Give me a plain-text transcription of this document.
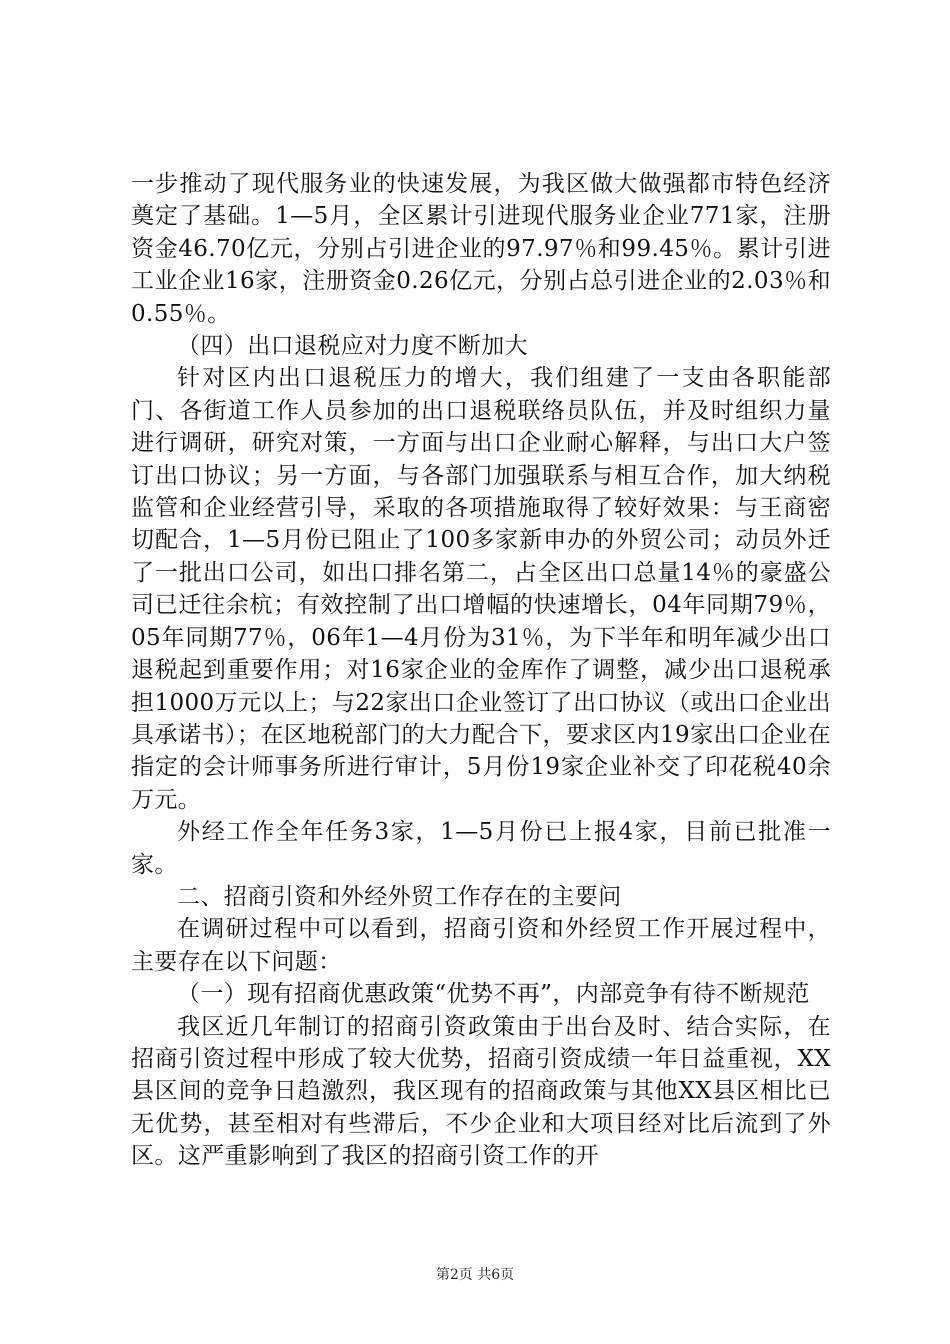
一步推动了现代服务业的快速发展，为我区做大做强都市特色经济奠定了基础。1—5月，全区累计引进现代服务业企业771家，注册资金46.70亿元，分别占引进企业的97.97％和99.45％。累计引进工业企业16家，注册资金0.26亿元，分别占总引进企业的2.03％和0.55％。

（四）出口退税应对力度不断加大

针对区内出口退税压力的增大，我们组建了一支由各职能部门、各街道工作人员参加的出口退税联络员队伍，并及时组织力量进行调研，研究对策，一方面与出口企业耐心解释，与出口大户签订出口协议；另一方面，与各部门加强联系与相互合作，加大纳税监管和企业经营引导，采取的各项措施取得了较好效果：与王商密切配合，1—5月份已阻止了100多家新申办的外贸公司；动员外迁了一批出口公司，如出口排名第二，占全区出口总量14％的豪盛公司已迁往余杭；有效控制了出口增幅的快速增长，04年同期79％，05年同期77％，06年1—4月份为31％，为下半年和明年减少出口退税起到重要作用；对16家企业的金库作了调整，减少出口退税承担1000万元以上；与22家出口企业签订了出口协议（或出口企业出具承诺书）；在区地税部门的大力配合下，要求区内19家出口企业在指定的会计师事务所进行审计，5月份19家企业补交了印花税40余万元。

外经工作全年任务3家，1—5月份已上报4家，目前已批准一家。

二、招商引资和外经外贸工作存在的主要问

在调研过程中可以看到，招商引资和外经贸工作开展过程中，主要存在以下问题：

（一）现有招商优惠政策“优势不再”，内部竞争有待不断规范

我区近几年制订的招商引资政策由于出台及时、结合实际，在招商引资过程中形成了较大优势，招商引资成绩一年日益重视，XX县区间的竞争日趋激烈，我区现有的招商政策与其他XX县区相比已无优势，甚至相对有些滞后，不少企业和大项目经对比后流到了外区。这严重影响到了我区的招商引资工作的开

第2页 共6页
